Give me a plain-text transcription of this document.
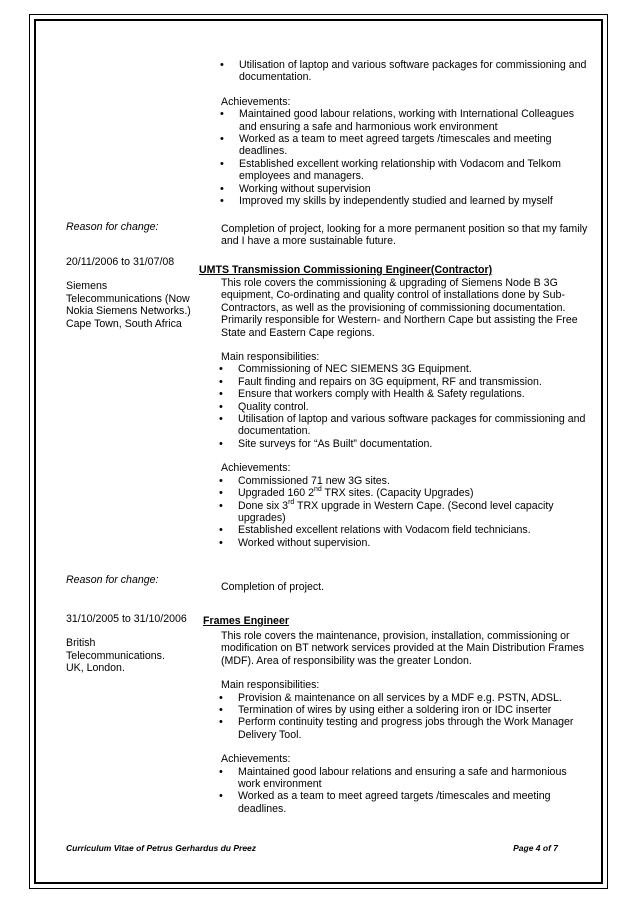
• Utilisation of laptop and various software packages for commissioning and documentation.
Achievements:
• Maintained good labour relations, working with International Colleagues and ensuring a safe and harmonious work environment
• Worked as a team to meet agreed targets /timescales and meeting deadlines.
• Established excellent working relationship with Vodacom and Telkom employees and managers.
• Working without supervision
• Improved my skills by independently studied and learned by myself
Reason for change:	Completion of project, looking for a more permanent position so that my family and I have a more sustainable future.
20/11/2006 to 31/07/08
Siemens Telecommunications (Now Nokia Siemens Networks.)
Cape Town, South Africa
UMTS Transmission Commissioning Engineer(Contractor)
This role covers the commissioning & upgrading of Siemens Node B 3G equipment, Co-ordinating and quality control of installations done by Sub-Contractors, as well as the provisioning of commissioning documentation. Primarily responsible for Western- and Northern Cape but assisting the Free State and Eastern Cape regions.
Main responsibilities:
• Commissioning of NEC SIEMENS 3G Equipment.
• Fault finding and repairs on 3G equipment, RF and transmission.
• Ensure that workers comply with Health & Safety regulations.
• Quality control.
• Utilisation of laptop and various software packages for commissioning and documentation.
• Site surveys for “As Built” documentation.
Achievements:
• Commissioned 71 new 3G sites.
• Upgraded 160 2nd TRX sites. (Capacity Upgrades)
• Done six 3rd TRX upgrade in Western Cape. (Second level capacity upgrades)
• Established excellent relations with Vodacom field technicians.
• Worked without supervision.
Reason for change:
Completion of project.
31/10/2005 to 31/10/2006
British Telecommunications.
UK, London.
Frames Engineer
This role covers the maintenance, provision, installation, commissioning or modification on BT network services provided at the Main Distribution Frames (MDF). Area of responsibility was the greater London.
Main responsibilities:
• Provision & maintenance on all services by a MDF e.g. PSTN, ADSL.
• Termination of wires by using either a soldering iron or IDC inserter
• Perform continuity testing and progress jobs through the Work Manager Delivery Tool.
Achievements:
• Maintained good labour relations and ensuring a safe and harmonious work environment
• Worked as a team to meet agreed targets /timescales and meeting deadlines.
Curriculum Vitae of Petrus Gerhardus du Preez	Page 4 of 7
